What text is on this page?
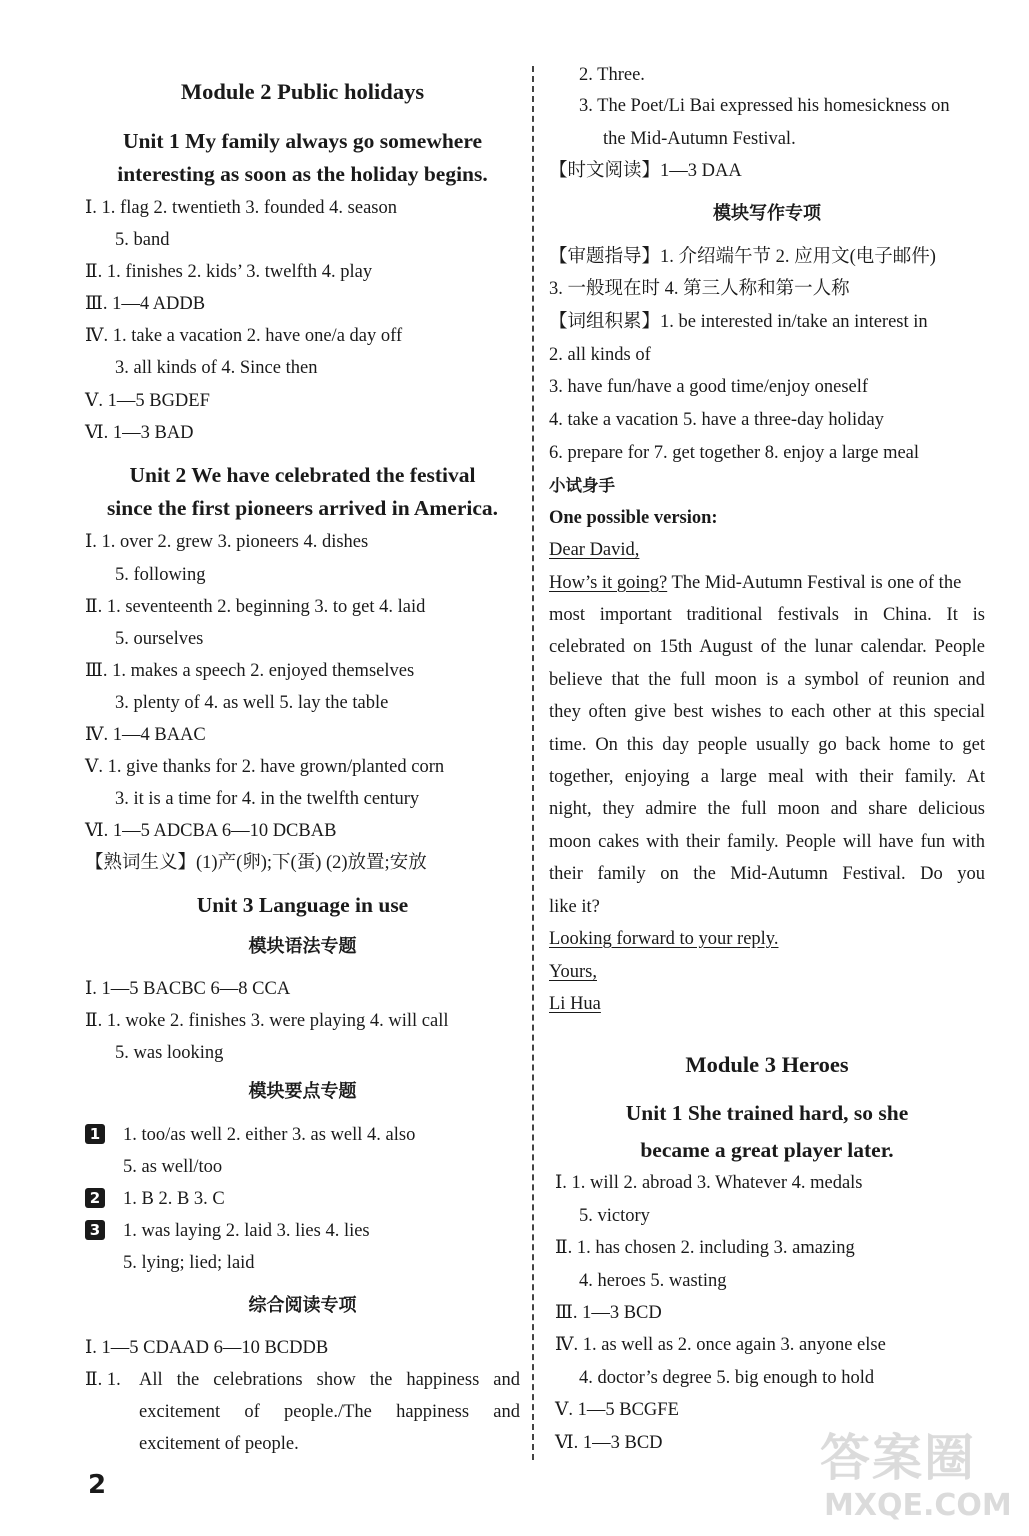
Module 2 Public holidays
Unit 1 My family always go somewhere
interesting as soon as the holiday begins.
Ⅰ. 1. flag 2. twentieth 3. founded 4. season
5. band
Ⅱ. 1. finishes 2. kids’ 3. twelfth 4. play
Ⅲ. 1—4 ADDB
Ⅳ. 1. take a vacation 2. have one/a day off
3. all kinds of 4. Since then
Ⅴ. 1—5 BGDEF
Ⅵ. 1—3 BAD
Unit 2 We have celebrated the festival
since the first pioneers arrived in America.
Ⅰ. 1. over 2. grew 3. pioneers 4. dishes
5. following
Ⅱ. 1. seventeenth 2. beginning 3. to get 4. laid
5. ourselves
Ⅲ. 1. makes a speech 2. enjoyed themselves
3. plenty of 4. as well 5. lay the table
Ⅳ. 1—4 BAAC
Ⅴ. 1. give thanks for 2. have grown/planted corn
3. it is a time for 4. in the twelfth century
Ⅵ. 1—5 ADCBA 6—10 DCBAB
【熟词生义】(1)产(卵);下(蛋) (2)放置;安放
Unit 3 Language in use
模块语法专题
Ⅰ. 1—5 BACBC 6—8 CCA
Ⅱ. 1. woke 2. finishes 3. were playing 4. will call
5. was looking
模块要点专题
1 1. too/as well 2. either 3. as well 4. also
5. as well/too
2 1. B 2. B 3. C
3 1. was laying 2. laid 3. lies 4. lies
5. lying; lied; laid
综合阅读专项
Ⅰ. 1—5 CDAAD 6—10 BCDDB
Ⅱ. 1. All the celebrations show the happiness and
excitement of people./The happiness and
excitement of people.
2. Three.
3. The Poet/Li Bai expressed his homesickness on
the Mid-Autumn Festival.
【时文阅读】1—3 DAA
模块写作专项
【审题指导】1. 介绍端午节 2. 应用文(电子邮件)
3. 一般现在时 4. 第三人称和第一人称
【词组积累】1. be interested in/take an interest in
2. all kinds of
3. have fun/have a good time/enjoy oneself
4. take a vacation 5. have a three-day holiday
6. prepare for 7. get together 8. enjoy a large meal
小试身手
One possible version:
Dear David,
How’s it going? The Mid-Autumn Festival is one of the
most important traditional festivals in China. It is
celebrated on 15th August of the lunar calendar. People
believe that the full moon is a symbol of reunion and
they often give best wishes to each other at this special
time. On this day people usually go back home to get
together, enjoying a large meal with their family. At
night, they admire the full moon and share delicious
moon cakes with their family. People will have fun with
their family on the Mid-Autumn Festival. Do you
like it?
Looking forward to your reply.
Yours,
Li Hua
Module 3 Heroes
Unit 1 She trained hard, so she
became a great player later.
Ⅰ. 1. will 2. abroad 3. Whatever 4. medals
5. victory
Ⅱ. 1. has chosen 2. including 3. amazing
4. heroes 5. wasting
Ⅲ. 1—3 BCD
Ⅳ. 1. as well as 2. once again 3. anyone else
4. doctor’s degree 5. big enough to hold
Ⅴ. 1—5 BCGFE
Ⅵ. 1—3 BCD
2	答案圈
MXQE.COM
